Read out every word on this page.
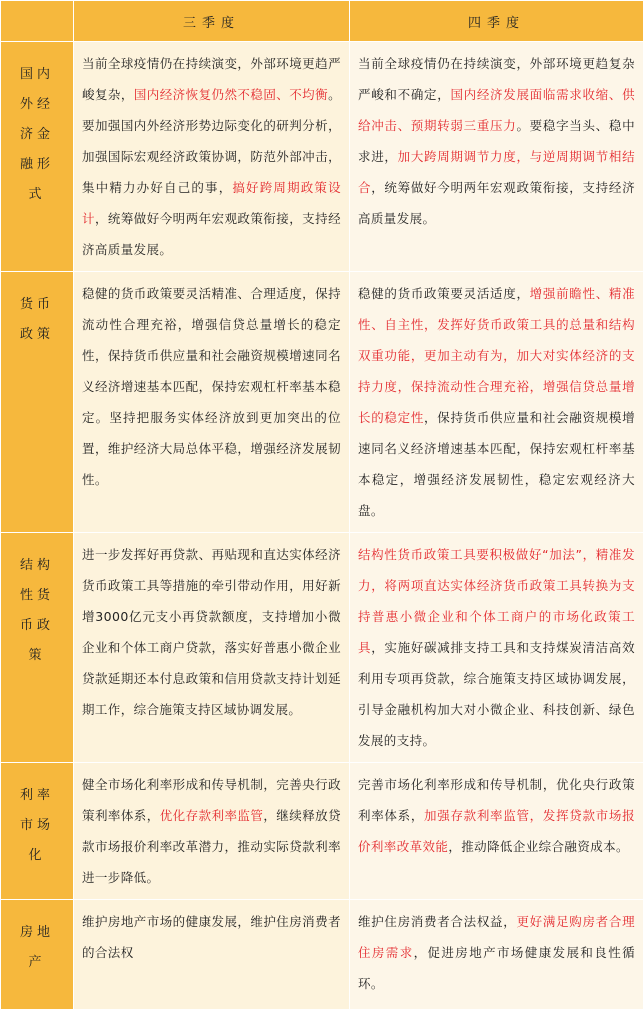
	三季度	四季度
国内外经济金融形式	当前全球疫情仍在持续演变，外部环境更趋严峻复杂，国内经济恢复仍然不稳固、不均衡。要加强国内外经济形势边际变化的研判分析，加强国际宏观经济政策协调，防范外部冲击，集中精力办好自己的事，搞好跨周期政策设计，统筹做好今明两年宏观政策衔接，支持经济高质量发展。	当前全球疫情仍在持续演变，外部环境更趋复杂严峻和不确定，国内经济发展面临需求收缩、供给冲击、预期转弱三重压力。要稳字当头、稳中求进，加大跨周期调节力度，与逆周期调节相结合，统筹做好今明两年宏观政策衔接，支持经济高质量发展。
货币政策	稳健的货币政策要灵活精准、合理适度，保持流动性合理充裕，增强信贷总量增长的稳定性，保持货币供应量和社会融资规模增速同名义经济增速基本匹配，保持宏观杠杆率基本稳定。坚持把服务实体经济放到更加突出的位置，维护经济大局总体平稳，增强经济发展韧性。	稳健的货币政策要灵活适度，增强前瞻性、精准性、自主性，发挥好货币政策工具的总量和结构双重功能，更加主动有为，加大对实体经济的支持力度，保持流动性合理充裕，增强信贷总量增长的稳定性，保持货币供应量和社会融资规模增速同名义经济增速基本匹配，保持宏观杠杆率基本稳定，增强经济发展韧性，稳定宏观经济大盘。
结构性货币政策	进一步发挥好再贷款、再贴现和直达实体经济货币政策工具等措施的牵引带动作用，用好新增3000亿元支小再贷款额度，支持增加小微企业和个体工商户贷款，落实好普惠小微企业贷款延期还本付息政策和信用贷款支持计划延期工作，综合施策支持区域协调发展。	结构性货币政策工具要积极做好“加法”，精准发力，将两项直达实体经济货币政策工具转换为支持普惠小微企业和个体工商户的市场化政策工具，实施好碳减排支持工具和支持煤炭清洁高效利用专项再贷款，综合施策支持区域协调发展，引导金融机构加大对小微企业、科技创新、绿色发展的支持。
利率市场化	健全市场化利率形成和传导机制，完善央行政策利率体系，优化存款利率监管，继续释放贷款市场报价利率改革潜力，推动实际贷款利率进一步降低。	完善市场化利率形成和传导机制，优化央行政策利率体系，加强存款利率监管，发挥贷款市场报价利率改革效能，推动降低企业综合融资成本。
房地产	维护房地产市场的健康发展，维护住房消费者的合法权	维护住房消费者合法权益，更好满足购房者合理住房需求，促进房地产市场健康发展和良性循环。
